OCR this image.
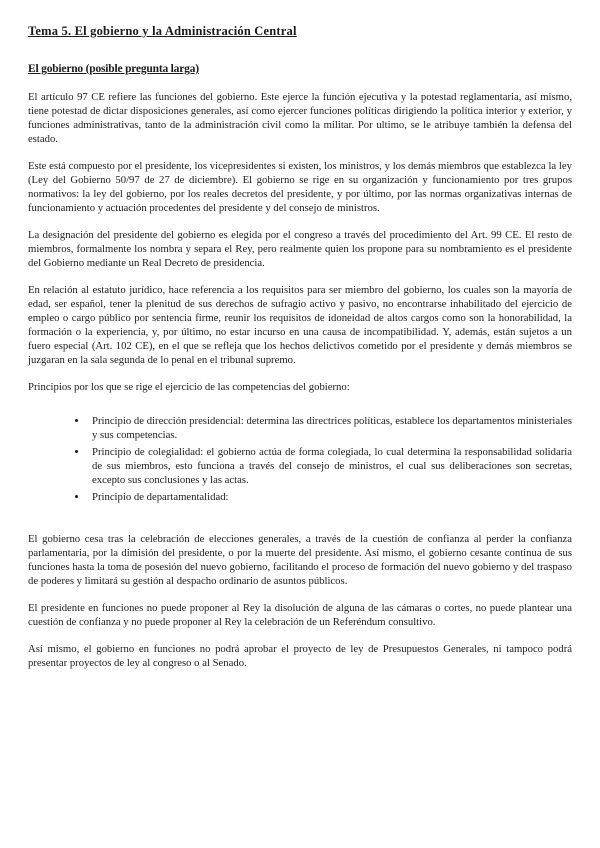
Tema 5. El gobierno y la Administración Central
El gobierno (posible pregunta larga)

El artículo 97 CE refiere las funciones del gobierno. Este ejerce la función ejecutiva y la potestad reglamentaria, así mismo, tiene potestad de dictar disposiciones generales, así como ejercer funciones políticas dirigiendo la política interior y exterior, y funciones administrativas, tanto de la administración civil como la militar. Por ultimo, se le atribuye también la defensa del estado.

Este está compuesto por el presidente, los vicepresidentes si existen, los ministros, y los demás miembros que establezca la ley (Ley del Gobierno 50/97 de 27 de diciembre). El gobierno se rige en su organización y funcionamiento por tres grupos normativos: la ley del gobierno, por los reales decretos del presidente, y por último, por las normas organizativas internas de funcionamiento y actuación procedentes del presidente y del consejo de ministros.

La designación del presidente del gobierno es elegida por el congreso a través del procedimiento del Art. 99 CE. El resto de miembros, formalmente los nombra y separa el Rey, pero realmente quien los propone para su nombramiento es el presidente del Gobierno mediante un Real Decreto de presidencia.

En relación al estatuto jurídico, hace referencia a los requisitos para ser miembro del gobierno, los cuales son la mayoría de edad, ser español, tener la plenitud de sus derechos de sufragio activo y pasivo, no encontrarse inhabilitado del ejercicio de empleo o cargo público por sentencia firme, reunir los requisitos de idoneidad de altos cargos como son la honorabilidad, la formación o la experiencia, y, por último, no estar incurso en una causa de incompatibilidad. Y, además, están sujetos a un fuero especial (Art. 102 CE), en el que se refleja que los hechos delictivos cometido por el presidente y demás miembros se juzgaran en la sala segunda de lo penal en el tribunal supremo.

Principios por los que se rige el ejercicio de las competencias del gobierno:

• Principio de dirección presidencial: determina las directrices políticas, establece los departamentos ministeriales y sus competencias.
• Principio de colegialidad: el gobierno actúa de forma colegiada, lo cual determina la responsabilidad solidaria de sus miembros, esto funciona a través del consejo de ministros, el cual sus deliberaciones son secretas, excepto sus conclusiones y las actas.
• Principio de departamentalidad:

El gobierno cesa tras la celebración de elecciones generales, a través de la cuestión de confianza al perder la confianza parlamentaria, por la dimisión del presidente, o por la muerte del presidente. Así mismo, el gobierno cesante continua de sus funciones hasta la toma de posesión del nuevo gobierno, facilitando el proceso de formación del nuevo gobierno y del traspaso de poderes y limitará su gestión al despacho ordinario de asuntos públicos.

El presidente en funciones no puede proponer al Rey la disolución de alguna de las cámaras o cortes, no puede plantear una cuestión de confianza y no puede proponer al Rey la celebración de un Referéndum consultivo.

Así mismo, el gobierno en funciones no podrá aprobar el proyecto de ley de Presupuestos Generales, ni tampoco podrá presentar proyectos de ley al congreso o al Senado.
